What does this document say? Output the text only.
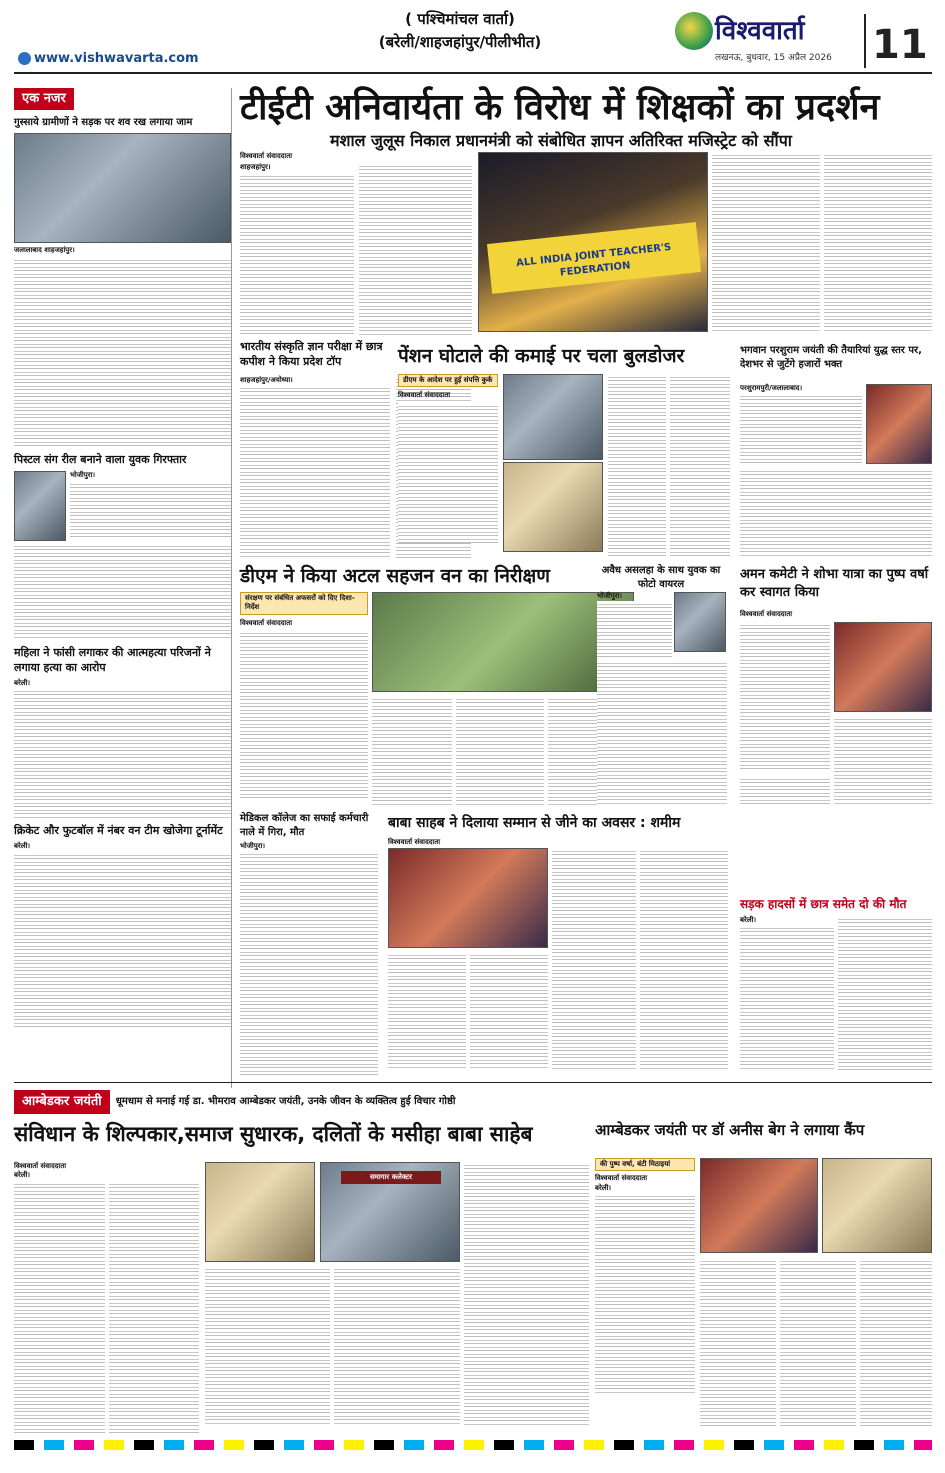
( पश्चिमांचल वार्ता)
(बरेली/शाहजहांपुर/पीलीभीत)
www.vishwavarta.com
विश्ववार्ता
लखनऊ, बुधवार, 15 अप्रैल 2026 11
एक नजर
गुस्साये ग्रामीणों ने सड़क पर शव रख लगाया जाम
जलालाबाद शाहजहांपुर।
पिस्टल संग रील बनाने वाला युवक गिरफ्तार
भोजीपुरा।
महिला ने फांसी लगाकर की आत्महत्या परिजनों ने लगाया हत्या का आरोप
बरेली।
क्रिकेट और फुटबॉल में नंबर वन टीम खोजेगा टूर्नामेंट
बरेली।
टीईटी अनिवार्यता के विरोध में शिक्षकों का प्रदर्शन
मशाल जुलूस निकाल प्रधानमंत्री को संबोधित ज्ञापन अतिरिक्त मजिस्ट्रेट को सौंपा
विश्ववार्ता संवाददाता
शाहजहांपुर।
ALL INDIA JOINT TEACHER'S FEDERATION
भारतीय संस्कृति ज्ञान परीक्षा में छात्र कपीश ने किया प्रदेश टॉप
शाहजहांपुर/अयोध्या।
पेंशन घोटाले की कमाई पर चला बुलडोजर
डीएम के आदेश पर हुई संपत्ति कुर्क
विश्ववार्ता संवाददाता
भगवान परशुराम जयंती की तैयारियां युद्ध स्तर पर, देशभर से जुटेंगे हजारों भक्त
परशुरामपुरी/जलालाबाद।
डीएम ने किया अटल सहजन वन का निरीक्षण
संरक्षण पर संबंधित अफसरों को दिए दिशा-निर्देश
विश्ववार्ता संवाददाता
अवैध असलहा के साथ युवक का फोटो वायरल
भोजीपुरा।
अमन कमेटी ने शोभा यात्रा का पुष्प वर्षा कर स्वागत किया
विश्ववार्ता संवाददाता
मेडिकल कॉलेज का सफाई कर्मचारी नाले में गिरा, मौत
भोजीपुरा।
बाबा साहब ने दिलाया सम्मान से जीने का अवसर : शमीम
विश्ववार्ता संवाददाता
सड़क हादसों में छात्र समेत दो की मौत
बरेली।
आम्बेडकर जयंती	धूमधाम से मनाई गई डा. भीमराव आम्बेडकर जयंती, उनके जीवन के व्यक्तित्व हुई विचार गोष्ठी
संविधान के शिल्पकार,समाज सुधारक, दलितों के मसीहा बाबा साहेब
विश्ववार्ता संवाददाता
बरेली।	समागार कलेक्टर
आम्बेडकर जयंती पर डॉ अनीस बेग ने लगाया कैंप
की पुष्प वर्षा, बंटी मिठाइयां
विश्ववार्ता संवाददाता
बरेली।
